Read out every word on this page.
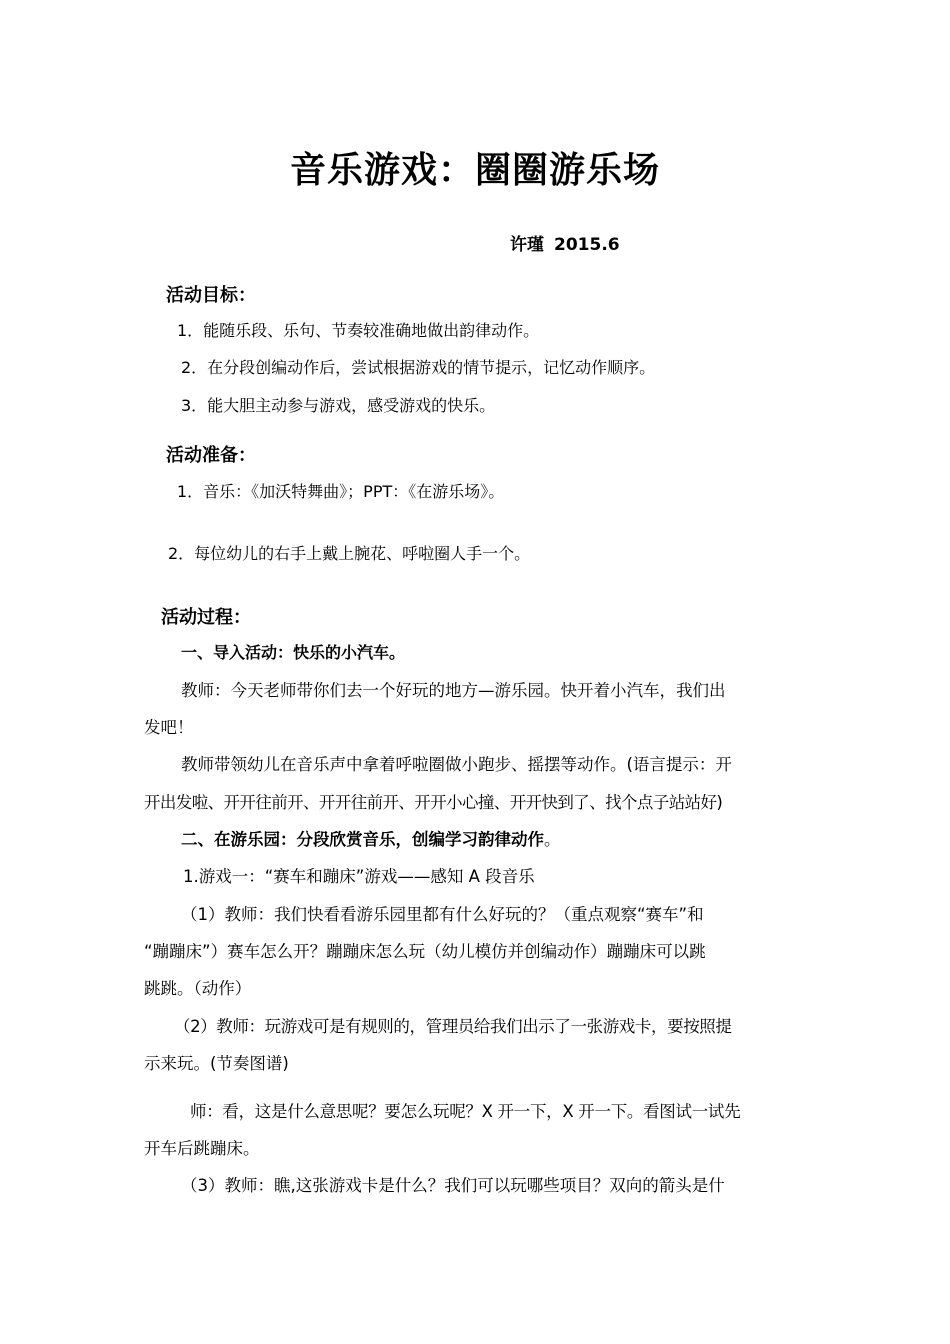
音乐游戏：圈圈游乐场
许瑾 2015.6
活动目标：
1．能随乐段、乐句、节奏较准确地做出韵律动作。
2．在分段创编动作后，尝试根据游戏的情节提示，记忆动作顺序。
3．能大胆主动参与游戏，感受游戏的快乐。
活动准备：
1．音乐：《加沃特舞曲》；PPT：《在游乐场》。
2．每位幼儿的右手上戴上腕花、呼啦圈人手一个。
活动过程：
一、导入活动：快乐的小汽车。
教师：今天老师带你们去一个好玩的地方—游乐园。快开着小汽车，我们出
发吧！
教师带领幼儿在音乐声中拿着呼啦圈做小跑步、摇摆等动作。(语言提示：开
开出发啦、开开往前开、开开往前开、开开小心撞、开开快到了、找个点子站站好)
二、在游乐园：分段欣赏音乐，创编学习韵律动作。
1.游戏一：“赛车和蹦床”游戏——感知 A 段音乐
（1）教师：我们快看看游乐园里都有什么好玩的？（重点观察“赛车”和
“蹦蹦床”）赛车怎么开？蹦蹦床怎么玩（幼儿模仿并创编动作）蹦蹦床可以跳
跳跳。（动作）
（2）教师：玩游戏可是有规则的，管理员给我们出示了一张游戏卡，要按照提
示来玩。(节奏图谱)
师：看，这是什么意思呢？要怎么玩呢？X 开一下，X 开一下。看图试一试先
开车后跳蹦床。
（3）教师：瞧,这张游戏卡是什么？我们可以玩哪些项目？双向的箭头是什
